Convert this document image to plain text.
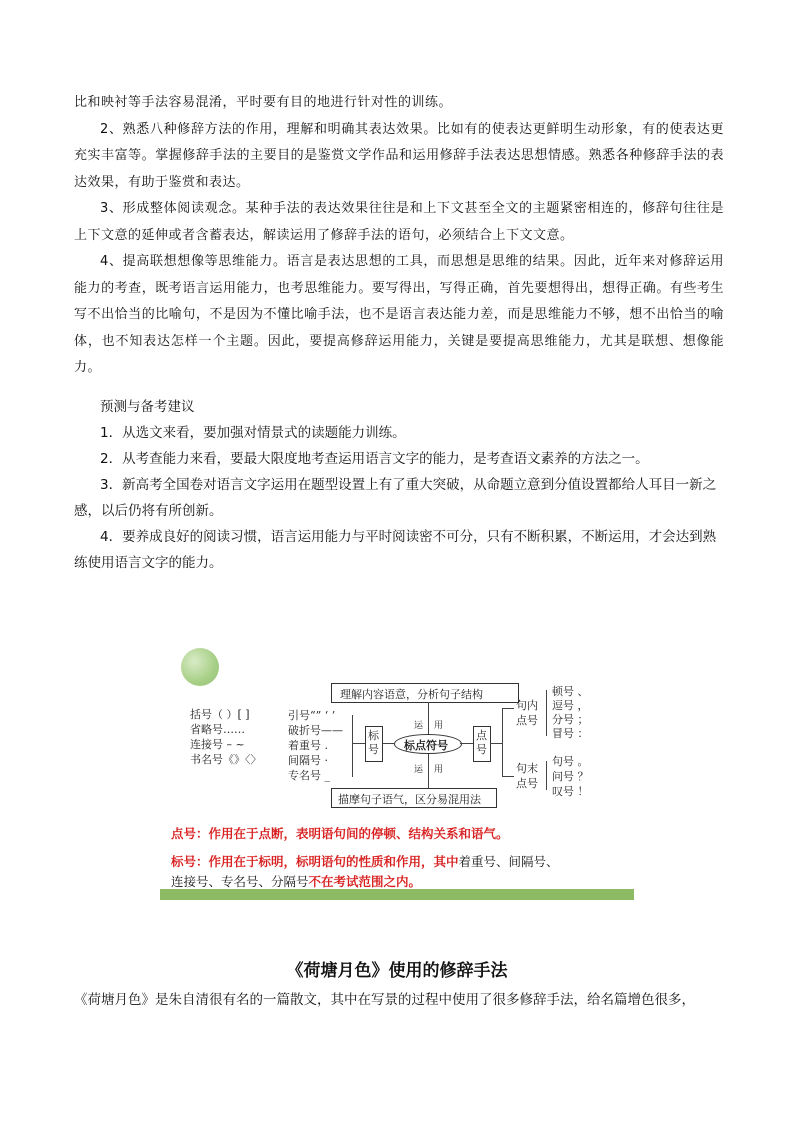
比和映衬等手法容易混淆，平时要有目的地进行针对性的训练。

2、熟悉八种修辞方法的作用，理解和明确其表达效果。比如有的使表达更鲜明生动形象，有的使表达更充实丰富等。掌握修辞手法的主要目的是鉴赏文学作品和运用修辞手法表达思想情感。熟悉各种修辞手法的表达效果，有助于鉴赏和表达。

3、形成整体阅读观念。某种手法的表达效果往往是和上下文甚至全文的主题紧密相连的，修辞句往往是上下文意的延伸或者含蓄表达，解读运用了修辞手法的语句，必须结合上下文文意。

4、提高联想想像等思维能力。语言是表达思想的工具，而思想是思维的结果。因此，近年来对修辞运用能力的考查，既考语言运用能力，也考思维能力。要写得出，写得正确，首先要想得出，想得正确。有些考生写不出恰当的比喻句，不是因为不懂比喻手法，也不是语言表达能力差，而是思维能力不够，想不出恰当的喻体，也不知表达怎样一个主题。因此，要提高修辞运用能力，关键是要提高思维能力，尤其是联想、想像能力。

预测与备考建议

1．从选文来看，要加强对情景式的读题能力训练。

2．从考查能力来看，要最大限度地考查运用语言文字的能力，是考查语文素养的方法之一。

3．新高考全国卷对语言文字运用在题型设置上有了重大突破，从命题立意到分值设置都给人耳目一新之感，以后仍将有所创新。

4．要养成良好的阅读习惯，语言运用能力与平时阅读密不可分，只有不断积累，不断运用，才会达到熟练使用语言文字的能力。

理解内容语意，分析句子结构
描摩句子语气，区分易混用法
运 用
运 用
标点符号
标号
点号
括号（ ）[ ]
省略号……
连接号 – ~
书名号《》〈〉
引号“” ‘ ’
破折号——
着重号 .
间隔号 ·
专名号 _
句内点号
句末点号
顿号 、
逗号 ，
分号 ；
冒号 ：
句号 。
问号 ？
叹号 ！
点号：作用在于点断，表明语句间的停顿、结构关系和语气。
标号：作用在于标明，标明语句的性质和作用，其中着重号、间隔号、
连接号、专名号、分隔号不在考试范围之内。
《荷塘月色》使用的修辞手法
《荷塘月色》是朱自清很有名的一篇散文，其中在写景的过程中使用了很多修辞手法，给名篇增色很多，
